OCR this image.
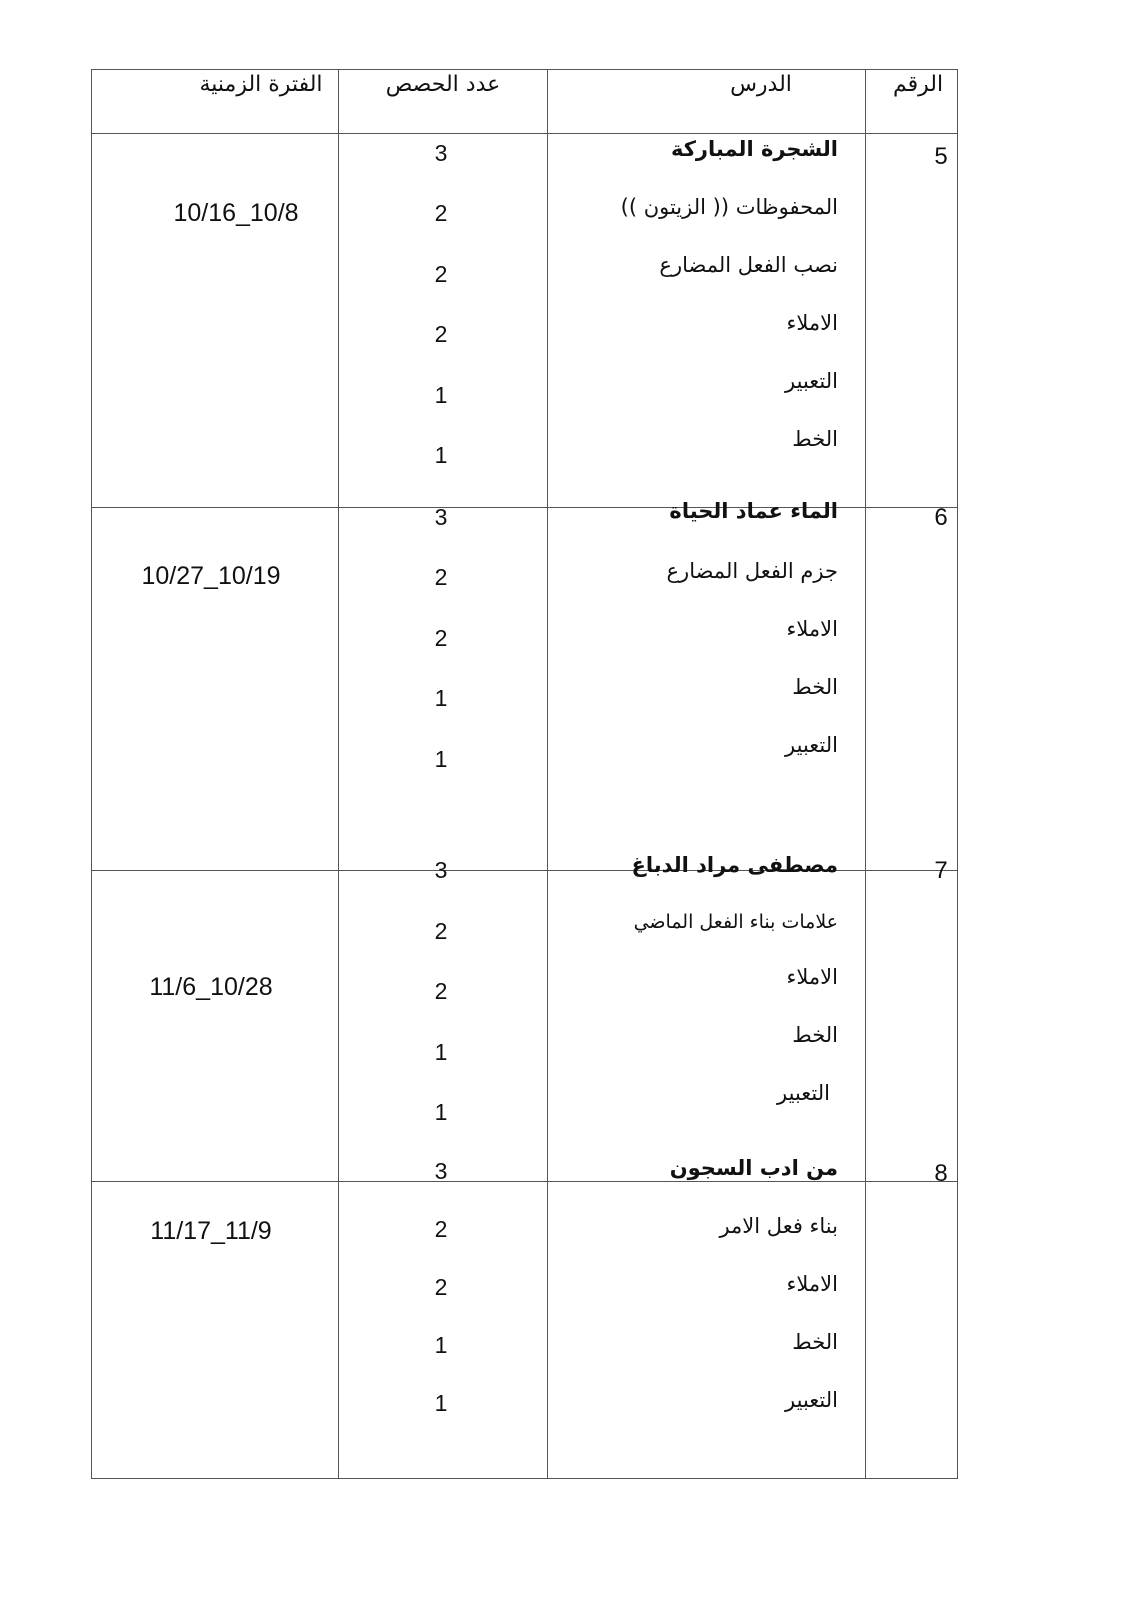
الرقم
الدرس
عدد الحصص
الفترة الزمنية
5
10/16_10/8
الشجرة المباركة
المحفوظات (( الزيتون ))
نصب الفعل المضارع
الاملاء
التعبير
الخط
3
2
2
2
1
1
6
10/27_10/19
الماء عماد الحياة
جزم الفعل المضارع
الاملاء
الخط
التعبير
3
2
2
1
1
7
11/6_10/28
مصطفى مراد الدباغ
علامات بناء الفعل الماضي
الاملاء
الخط
التعبير
3
2
2
1
1
8
11/17_11/9
من ادب السجون
بناء فعل الامر
الاملاء
الخط
التعبير
3
2
2
1
1
